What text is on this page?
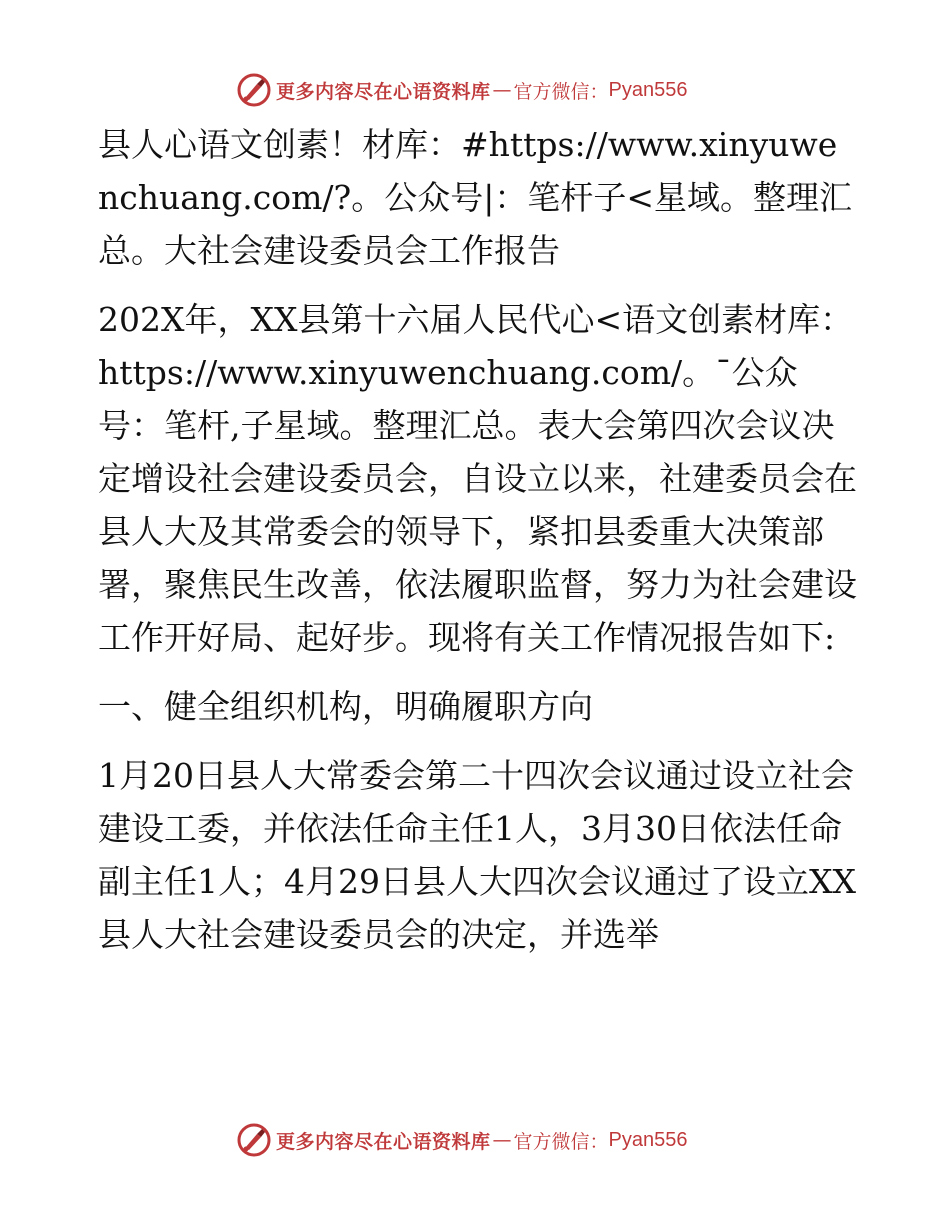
更多内容尽在心语资料库 — 官方微信： Pyan556

县人心语文创素！材库：#https://www.xinyuwenchuang.com/?。公众号|：笔杆子<星域。整理汇总。大社会建设委员会工作报告

202X年，XX县第十六届人民代心<语文创素材库：https://www.xinyuwenchuang.com/。¯公众号：笔杆,子星域。整理汇总。表大会第四次会议决定增设社会建设委员会，自设立以来，社建委员会在县人大及其常委会的领导下，紧扣县委重大决策部署，聚焦民生改善，依法履职监督，努力为社会建设工作开好局、起好步。现将有关工作情况报告如下:

一、健全组织机构，明确履职方向

1月20日县人大常委会第二十四次会议通过设立社会建设工委，并依法任命主任1人，3月30日依法任命副主任1人；4月29日县人大四次会议通过了设立XX县人大社会建设委员会的决定，并选举

更多内容尽在心语资料库 — 官方微信： Pyan556
